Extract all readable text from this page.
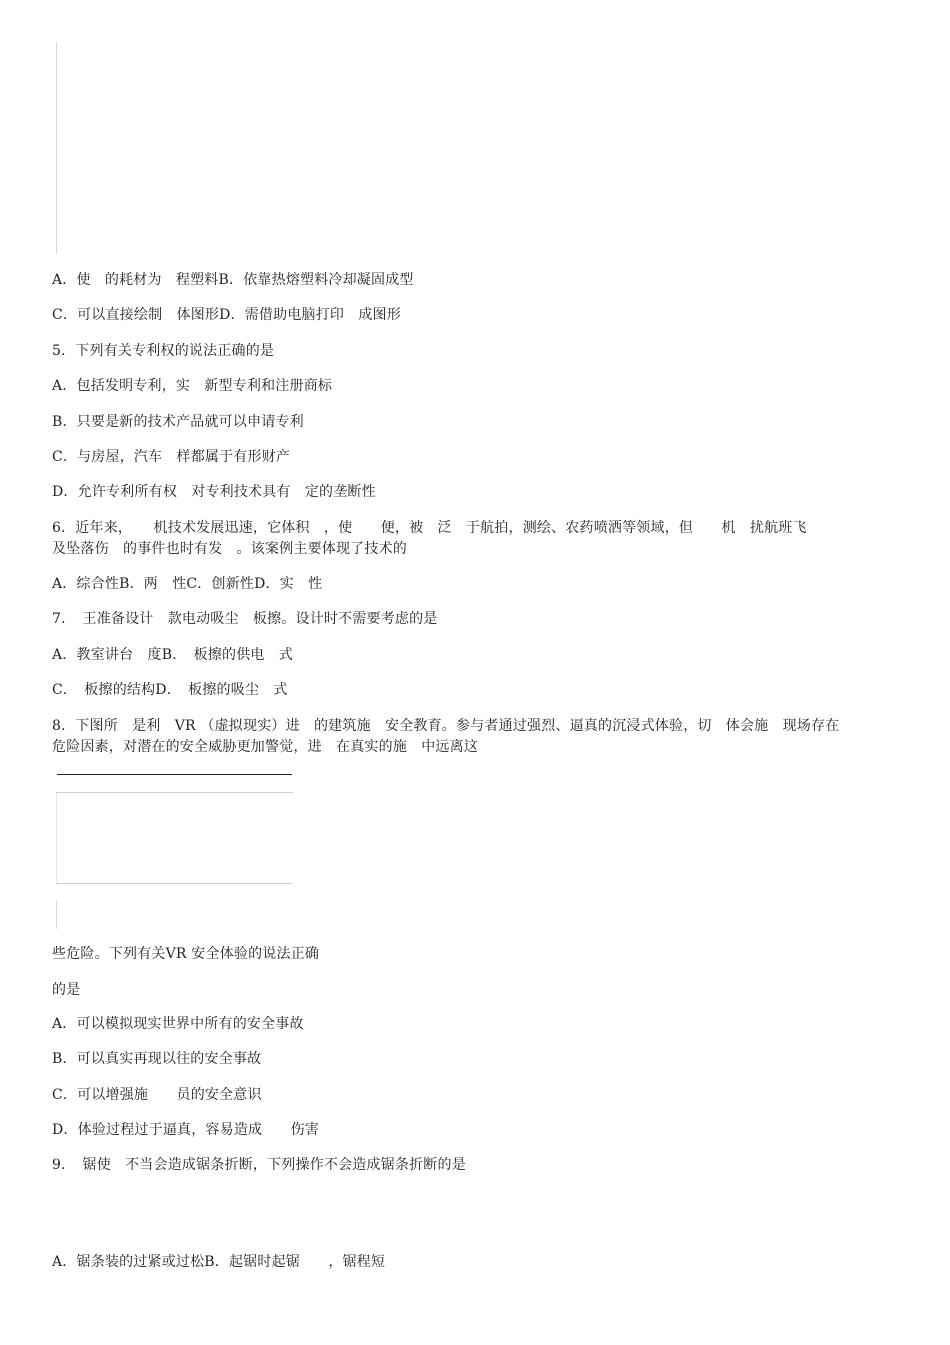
A．使　的耗材为　程塑料B．依靠热熔塑料冷却凝固成型
C．可以直接绘制　体图形D．需借助电脑打印　成图形
5．下列有关专利权的说法正确的是
A．包括发明专利，实　新型专利和注册商标
B．只要是新的技术产品就可以申请专利
C．与房屋，汽车　样都属于有形财产
D．允许专利所有权　对专利技术具有　定的垄断性
6．近年来，　　机技术发展迅速，它体积　，使　　便，被　泛　于航拍，测绘、农药喷洒等领域，但　　机　扰航班飞
及坠落伤　的事件也时有发　。该案例主要体现了技术的
A．综合性B．两　性C．创新性D．实　性
7．　王准备设计　款电动吸尘　板擦。设计时不需要考虑的是
A．教室讲台　度B．　板擦的供电　式
C．　板擦的结构D．　板擦的吸尘　式
8．下图所　是利　VR （虚拟现实）进　的建筑施　安全教育。参与者通过强烈、逼真的沉浸式体验，切　体会施　现场存在
危险因素，对潜在的安全威胁更加警觉，进　在真实的施　中远离这
些危险。下列有关VR 安全体验的说法正确
的是
A．可以模拟现实世界中所有的安全事故
B．可以真实再现以往的安全事故
C．可以增强施　　员的安全意识
D．体验过程过于逼真，容易造成　　伤害
9．　锯使　不当会造成锯条折断，下列操作不会造成锯条折断的是
A．锯条装的过紧或过松B．起锯时起锯　　，锯程短
